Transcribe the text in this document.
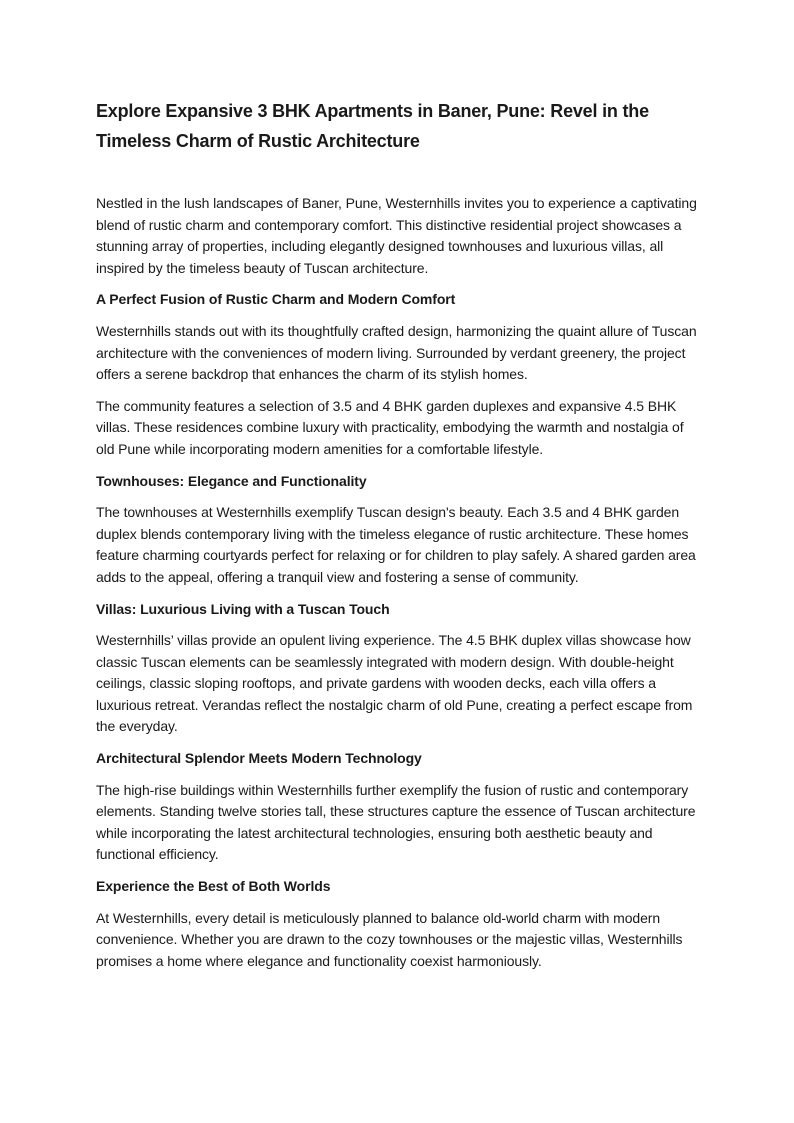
Explore Expansive 3 BHK Apartments in Baner, Pune: Revel in the Timeless Charm of Rustic Architecture

Nestled in the lush landscapes of Baner, Pune, Westernhills invites you to experience a captivating blend of rustic charm and contemporary comfort. This distinctive residential project showcases a stunning array of properties, including elegantly designed townhouses and luxurious villas, all inspired by the timeless beauty of Tuscan architecture.

A Perfect Fusion of Rustic Charm and Modern Comfort

Westernhills stands out with its thoughtfully crafted design, harmonizing the quaint allure of Tuscan architecture with the conveniences of modern living. Surrounded by verdant greenery, the project offers a serene backdrop that enhances the charm of its stylish homes.

The community features a selection of 3.5 and 4 BHK garden duplexes and expansive 4.5 BHK villas. These residences combine luxury with practicality, embodying the warmth and nostalgia of old Pune while incorporating modern amenities for a comfortable lifestyle.

Townhouses: Elegance and Functionality

The townhouses at Westernhills exemplify Tuscan design's beauty. Each 3.5 and 4 BHK garden duplex blends contemporary living with the timeless elegance of rustic architecture. These homes feature charming courtyards perfect for relaxing or for children to play safely. A shared garden area adds to the appeal, offering a tranquil view and fostering a sense of community.

Villas: Luxurious Living with a Tuscan Touch

Westernhills’ villas provide an opulent living experience. The 4.5 BHK duplex villas showcase how classic Tuscan elements can be seamlessly integrated with modern design. With double-height ceilings, classic sloping rooftops, and private gardens with wooden decks, each villa offers a luxurious retreat. Verandas reflect the nostalgic charm of old Pune, creating a perfect escape from the everyday.

Architectural Splendor Meets Modern Technology

The high-rise buildings within Westernhills further exemplify the fusion of rustic and contemporary elements. Standing twelve stories tall, these structures capture the essence of Tuscan architecture while incorporating the latest architectural technologies, ensuring both aesthetic beauty and functional efficiency.

Experience the Best of Both Worlds

At Westernhills, every detail is meticulously planned to balance old-world charm with modern convenience. Whether you are drawn to the cozy townhouses or the majestic villas, Westernhills promises a home where elegance and functionality coexist harmoniously.
